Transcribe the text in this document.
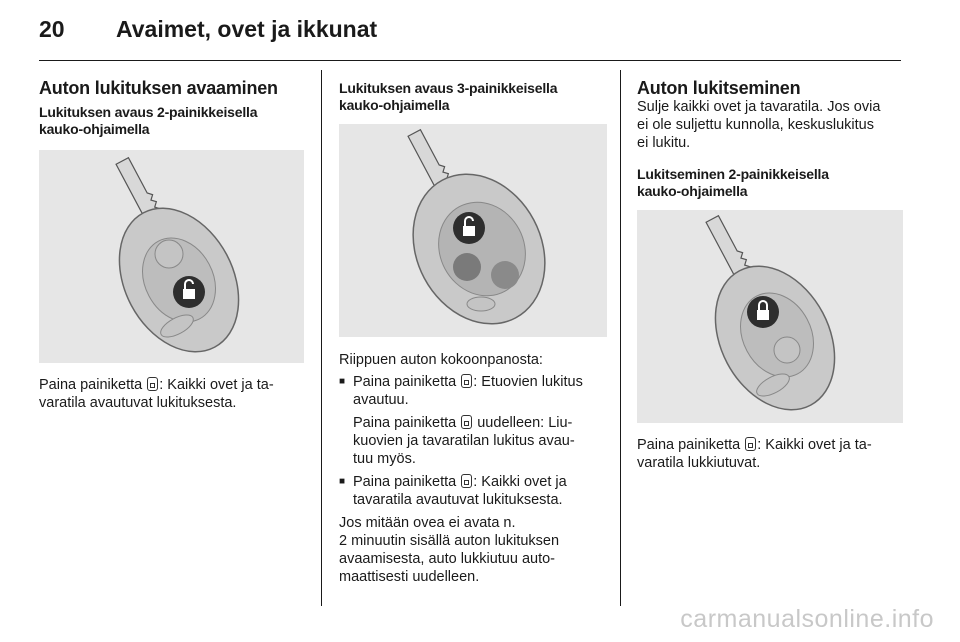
20 Avaimet, ovet ja ikkunat
Auton lukituksen avaaminen
Lukituksen avaus 2-painikkeisella
kauko-ohjaimella

Paina painiketta : Kaikki ovet ja ta-

varatila avautuvat lukituksesta.

Lukituksen avaus 3-painikkeisella
kauko-ohjaimella

Riippuen auton kokoonpanosta:

■ Paina painiketta : Etuovien lukitus
avautuu.
Paina painiketta  uudelleen: Liu-
kuovien ja tavaratilan lukitus avau-
tuu myös.
■ Paina painiketta : Kaikki ovet ja
tavaratila avautuvat lukituksesta.

Jos mitään ovea ei avata n.

2 minuutin sisällä auton lukituksen

avaamisesta, auto lukkiutuu auto-

maattisesti uudelleen.

Auton lukitseminen

Sulje kaikki ovet ja tavaratila. Jos ovia

ei ole suljettu kunnolla, keskuslukitus

ei lukitu.

Lukitseminen 2-painikkeisella
kauko-ohjaimella

Paina painiketta : Kaikki ovet ja ta-

varatila lukkiutuvat.

carmanualsonline.info
